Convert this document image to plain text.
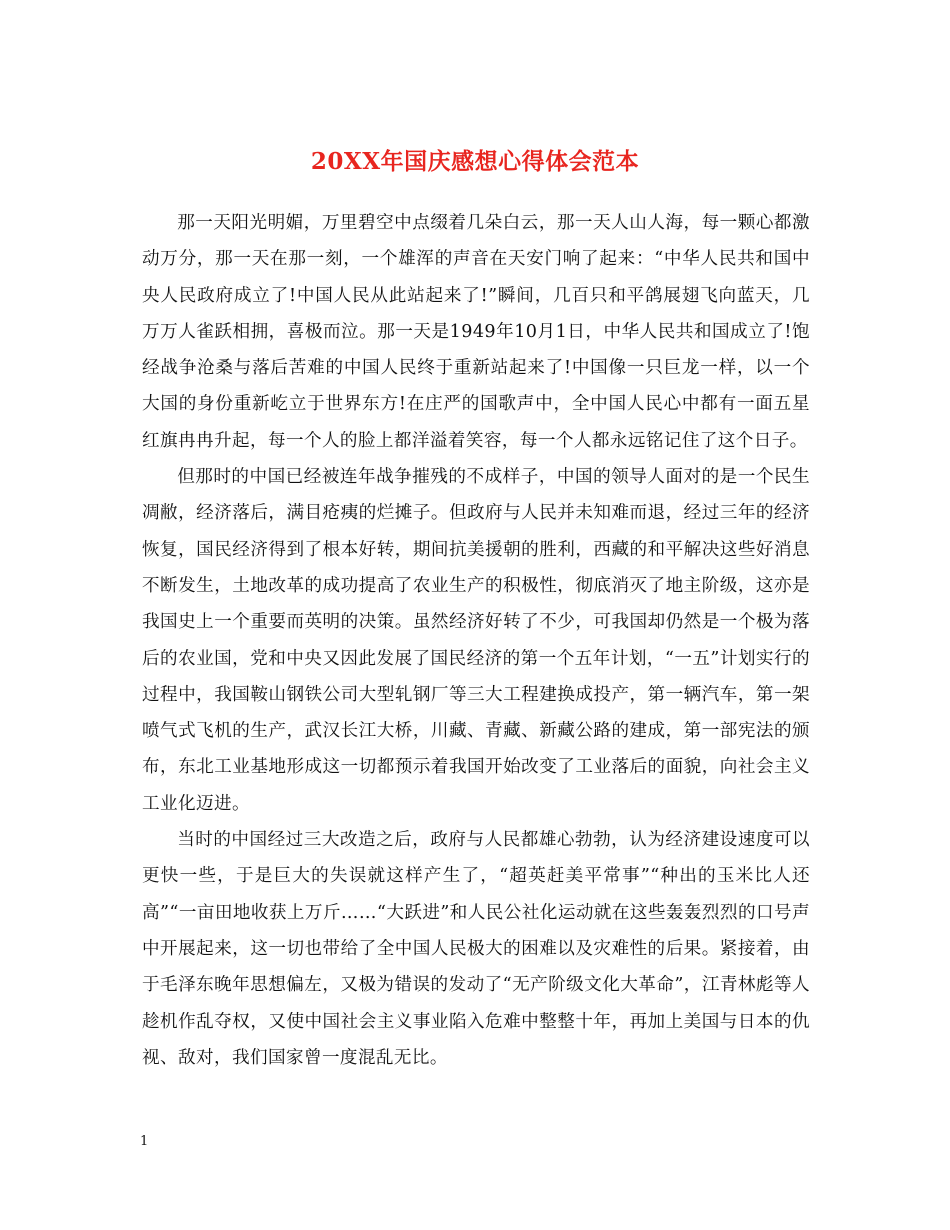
20XX年国庆感想心得体会范本

那一天阳光明媚，万里碧空中点缀着几朵白云，那一天人山人海，每一颗心都激动万分，那一天在那一刻，一个雄浑的声音在天安门响了起来：“中华人民共和国中央人民政府成立了!中国人民从此站起来了!”瞬间，几百只和平鸽展翅飞向蓝天，几万万人雀跃相拥，喜极而泣。那一天是1949年10月1日，中华人民共和国成立了!饱经战争沧桑与落后苦难的中国人民终于重新站起来了!中国像一只巨龙一样，以一个大国的身份重新屹立于世界东方!在庄严的国歌声中，全中国人民心中都有一面五星红旗冉冉升起，每一个人的脸上都洋溢着笑容，每一个人都永远铭记住了这个日子。

但那时的中国已经被连年战争摧残的不成样子，中国的领导人面对的是一个民生凋敝，经济落后，满目疮痍的烂摊子。但政府与人民并未知难而退，经过三年的经济恢复，国民经济得到了根本好转，期间抗美援朝的胜利，西藏的和平解决这些好消息不断发生，土地改革的成功提高了农业生产的积极性，彻底消灭了地主阶级，这亦是我国史上一个重要而英明的决策。虽然经济好转了不少，可我国却仍然是一个极为落后的农业国，党和中央又因此发展了国民经济的第一个五年计划，“一五”计划实行的过程中，我国鞍山钢铁公司大型轧钢厂等三大工程建换成投产，第一辆汽车，第一架喷气式飞机的生产，武汉长江大桥，川藏、青藏、新藏公路的建成，第一部宪法的颁布，东北工业基地形成这一切都预示着我国开始改变了工业落后的面貌，向社会主义工业化迈进。

当时的中国经过三大改造之后，政府与人民都雄心勃勃，认为经济建设速度可以更快一些，于是巨大的失误就这样产生了，“超英赶美平常事”“种出的玉米比人还高”“一亩田地收获上万斤……“大跃进”和人民公社化运动就在这些轰轰烈烈的口号声中开展起来，这一切也带给了全中国人民极大的困难以及灾难性的后果。紧接着，由于毛泽东晚年思想偏左，又极为错误的发动了“无产阶级文化大革命”，江青林彪等人趁机作乱夺权，又使中国社会主义事业陷入危难中整整十年，再加上美国与日本的仇视、敌对，我们国家曾一度混乱无比。

1
